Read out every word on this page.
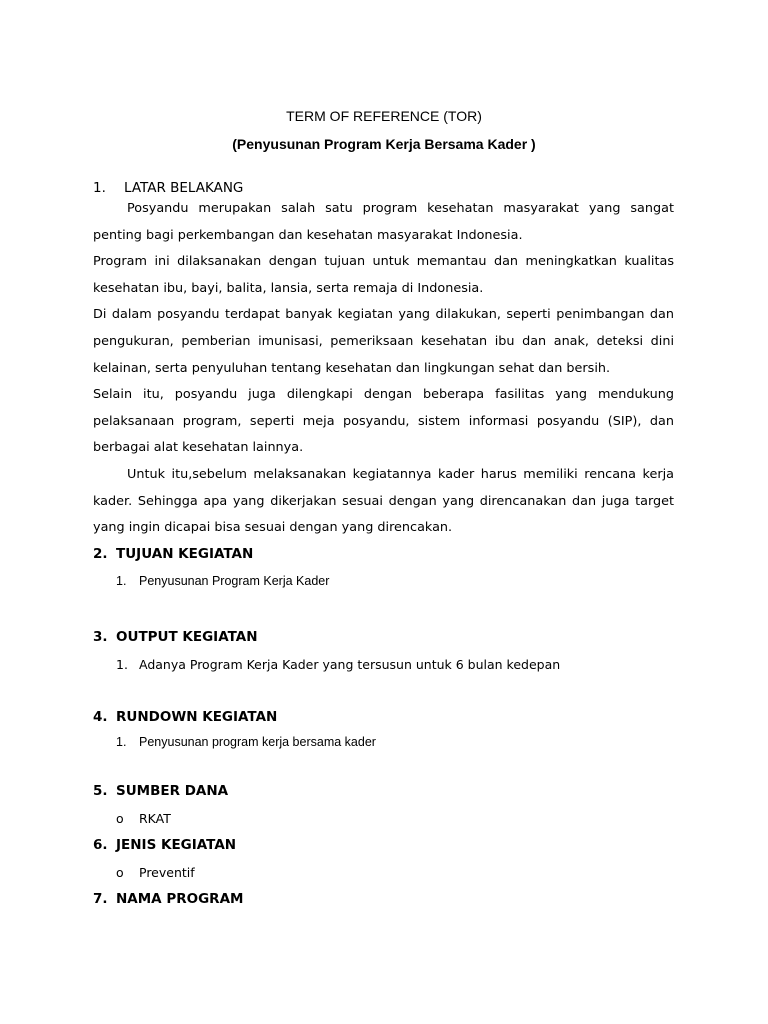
TERM OF REFERENCE (TOR)
(Penyusunan Program Kerja Bersama Kader )
1. LATAR BELAKANG

Posyandu merupakan salah satu program kesehatan masyarakat yang sangat penting bagi perkembangan dan kesehatan masyarakat Indonesia.

Program ini dilaksanakan dengan tujuan untuk memantau dan meningkatkan kualitas kesehatan ibu, bayi, balita, lansia, serta remaja di Indonesia.

Di dalam posyandu terdapat banyak kegiatan yang dilakukan, seperti penimbangan dan pengukuran, pemberian imunisasi, pemeriksaan kesehatan ibu dan anak, deteksi dini kelainan, serta penyuluhan tentang kesehatan dan lingkungan sehat dan bersih.

Selain itu, posyandu juga dilengkapi dengan beberapa fasilitas yang mendukung pelaksanaan program, seperti meja posyandu, sistem informasi posyandu (SIP), dan berbagai alat kesehatan lainnya.

Untuk itu,sebelum melaksanakan kegiatannya kader harus memiliki rencana kerja kader. Sehingga apa yang dikerjakan sesuai dengan yang direncanakan dan juga target yang ingin dicapai bisa sesuai dengan yang direncakan.

2. TUJUAN KEGIATAN

1. Penyusunan Program Kerja Kader

3. OUTPUT KEGIATAN

1. Adanya Program Kerja Kader yang tersusun untuk 6 bulan kedepan

4. RUNDOWN KEGIATAN

1. Penyusunan program kerja bersama kader

5. SUMBER DANA

o RKAT

6. JENIS KEGIATAN

o Preventif

7. NAMA PROGRAM
